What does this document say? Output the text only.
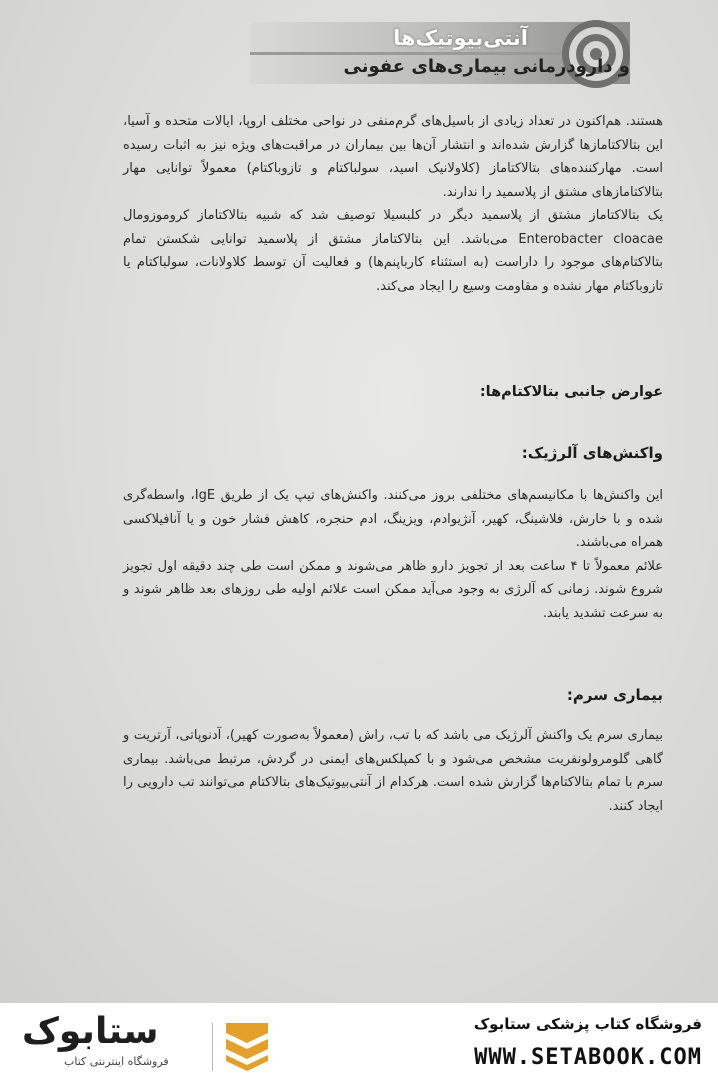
آنتی‌بیوتیک‌ها
و دارودرمانی بیماری‌های عفونی

هستند. هم‌اکنون در تعداد زیادی از باسیل‌های گرم‌منفی در نواحی مختلف اروپا، ایالات متحده و آسیا، این بتالاکتامازها گزارش شده‌اند و انتشار آن‌ها بین بیماران در مراقبت‌های ویژه نیز به اثبات رسیده است. مهارکننده‌های بتالاکتاماز (کلاولانیک اسید، سولباکتام و تازوباکتام) معمولاً توانایی مهار بتالاکتامازهای مشتق از پلاسمید را ندارند.

یک بتالاکتاماز مشتق از پلاسمید دیگر در کلبسیلا توصیف شد که شبیه بتالاکتاماز کروموزومال Enterobacter cloacae می‌باشد. این بتالاکتاماز مشتق از پلاسمید توانایی شکستن تمام بتالاکتام‌های موجود را داراست (به استثناء کارباپنم‌ها) و فعالیت آن توسط کلاولانات، سولباکتام یا تازوباکتام مهار نشده و مقاومت وسیع را ایجاد می‌کند.

عوارض جانبی بتالاکتام‌ها:
واکنش‌های آلرژیک:

این واکنش‌ها با مکانیسم‌های مختلفی بروز می‌کنند. واکنش‌های تیپ یک از طریق IgE، واسطه‌گری شده و با خارش، فلاشینگ، کهیر، آنژیوادم، ویزینگ، ادم حنجره، کاهش فشار خون و یا آنافیلاکسی همراه می‌باشند.

علائم معمولاً تا ۴ ساعت بعد از تجویز دارو ظاهر می‌شوند و ممکن است طی چند دقیقه اول تجویز شروع شوند. زمانی که آلرژی به وجود می‌آید ممکن است علائم اولیه طی روزهای بعد ظاهر شوند و به سرعت تشدید یابند.

بیماری سرم:

بیماری سرم یک واکنش آلرژیک می باشد که با تب، راش (معمولاً به‌صورت کهیر)، آدنوپاتی، آرتریت و گاهی گلومرولونفریت مشخص می‌شود و با کمپلکس‌های ایمنی در گردش، مرتبط می‌باشد. بیماری سرم با تمام بتالاکتام‌ها گزارش شده است. هرکدام از آنتی‌بیوتیک‌های بتالاکتام می‌توانند تب دارویی را ایجاد کنند.

ستابوک
فروشگاه اینترنتی کتاب
فروشگاه کتاب پزشکی ستابوک
WWW.SETABOOK.COM
